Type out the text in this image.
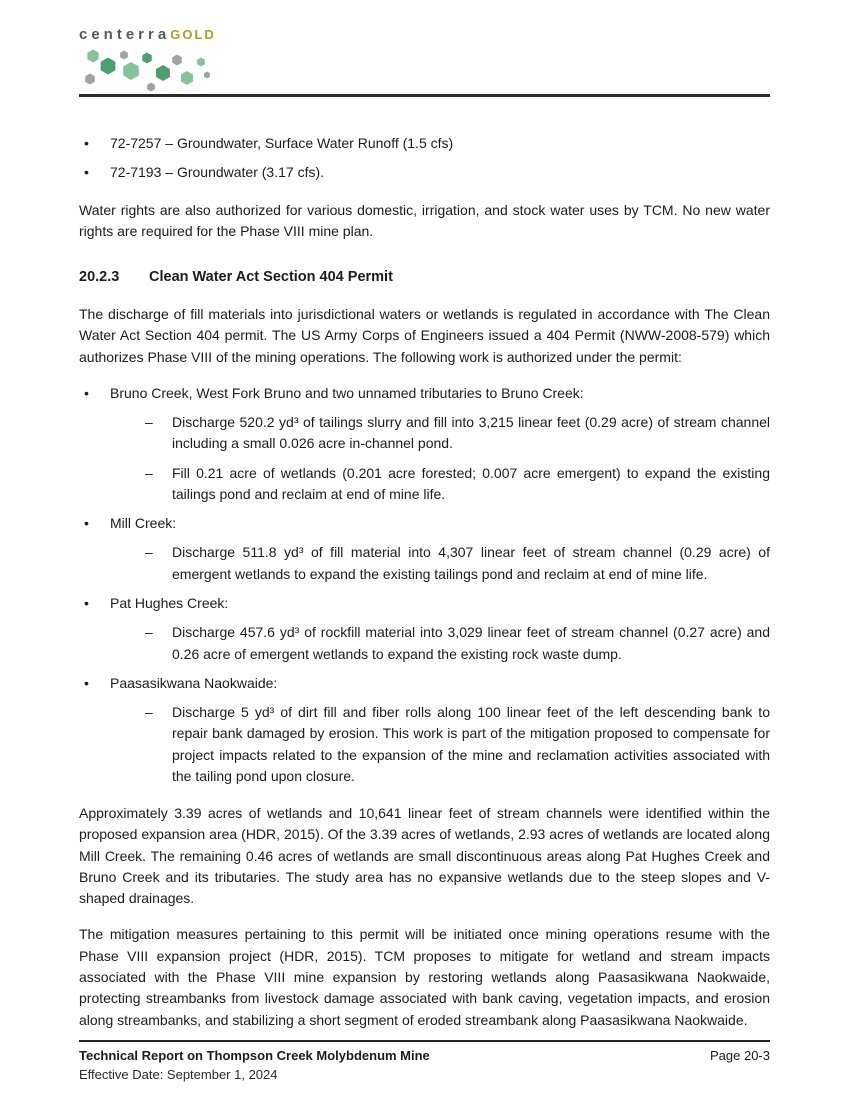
centerraGOLD
•
72-7257 – Groundwater, Surface Water Runoff (1.5 cfs)
•
72-7193 – Groundwater (3.17 cfs).

Water rights are also authorized for various domestic, irrigation, and stock water uses by TCM. No new water rights are required for the Phase VIII mine plan.

20.2.3	Clean Water Act Section 404 Permit

The discharge of fill materials into jurisdictional waters or wetlands is regulated in accordance with The Clean Water Act Section 404 permit. The US Army Corps of Engineers issued a 404 Permit (NWW-2008-579) which authorizes Phase VIII of the mining operations. The following work is authorized under the permit:

•
Bruno Creek, West Fork Bruno and two unnamed tributaries to Bruno Creek:
–
Discharge 520.2 yd³ of tailings slurry and fill into 3,215 linear feet (0.29 acre) of stream channel including a small 0.026 acre in-channel pond.
–
Fill 0.21 acre of wetlands (0.201 acre forested; 0.007 acre emergent) to expand the existing tailings pond and reclaim at end of mine life.
•
Mill Creek:
–
Discharge 511.8 yd³ of fill material into 4,307 linear feet of stream channel (0.29 acre) of emergent wetlands to expand the existing tailings pond and reclaim at end of mine life.
•
Pat Hughes Creek:
–
Discharge 457.6 yd³ of rockfill material into 3,029 linear feet of stream channel (0.27 acre) and 0.26 acre of emergent wetlands to expand the existing rock waste dump.
•
Paasasikwana Naokwaide:
–
Discharge 5 yd³ of dirt fill and fiber rolls along 100 linear feet of the left descending bank to repair bank damaged by erosion. This work is part of the mitigation proposed to compensate for project impacts related to the expansion of the mine and reclamation activities associated with the tailing pond upon closure.

Approximately 3.39 acres of wetlands and 10,641 linear feet of stream channels were identified within the proposed expansion area (HDR, 2015). Of the 3.39 acres of wetlands, 2.93 acres of wetlands are located along Mill Creek. The remaining 0.46 acres of wetlands are small discontinuous areas along Pat Hughes Creek and Bruno Creek and its tributaries. The study area has no expansive wetlands due to the steep slopes and V-shaped drainages.

The mitigation measures pertaining to this permit will be initiated once mining operations resume with the Phase VIII expansion project (HDR, 2015). TCM proposes to mitigate for wetland and stream impacts associated with the Phase VIII mine expansion by restoring wetlands along Paasasikwana Naokwaide, protecting streambanks from livestock damage associated with bank caving, vegetation impacts, and erosion along streambanks, and stabilizing a short segment of eroded streambank along Paasasikwana Naokwaide.

Technical Report on Thompson Creek Molybdenum Mine	Page 20-3
Effective Date: September 1, 2024
